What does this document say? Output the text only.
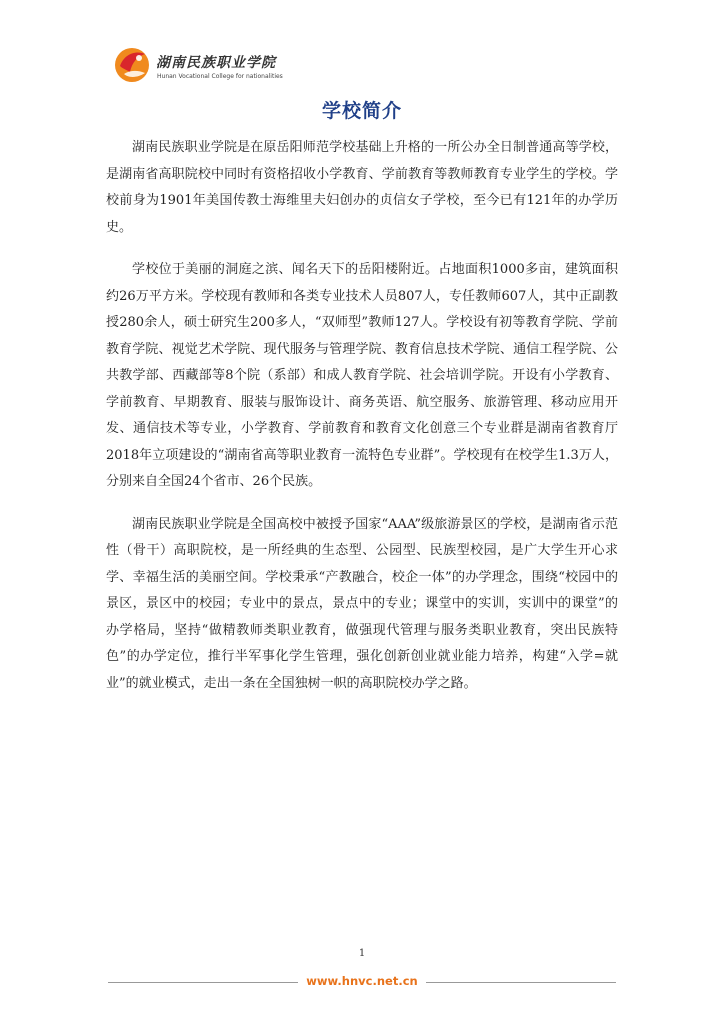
湖南民族职业学院
Hunan Vocational College for nationalities
学校简介

湖南民族职业学院是在原岳阳师范学校基础上升格的一所公办全日制普通高等学校，是湖南省高职院校中同时有资格招收小学教育、学前教育等教师教育专业学生的学校。学校前身为1901年美国传教士海维里夫妇创办的贞信女子学校，至今已有121年的办学历史。

学校位于美丽的洞庭之滨、闻名天下的岳阳楼附近。占地面积1000多亩，建筑面积约26万平方米。学校现有教师和各类专业技术人员807人，专任教师607人，其中正副教授280余人，硕士研究生200多人，“双师型”教师127人。学校设有初等教育学院、学前教育学院、视觉艺术学院、现代服务与管理学院、教育信息技术学院、通信工程学院、公共教学部、西藏部等8个院（系部）和成人教育学院、社会培训学院。开设有小学教育、学前教育、早期教育、服装与服饰设计、商务英语、航空服务、旅游管理、移动应用开发、通信技术等专业，小学教育、学前教育和教育文化创意三个专业群是湖南省教育厅2018年立项建设的“湖南省高等职业教育一流特色专业群”。学校现有在校学生1.3万人，分别来自全国24个省市、26个民族。

湖南民族职业学院是全国高校中被授予国家“AAA”级旅游景区的学校，是湖南省示范性（骨干）高职院校，是一所经典的生态型、公园型、民族型校园，是广大学生开心求学、幸福生活的美丽空间。学校秉承“产教融合，校企一体”的办学理念，围绕“校园中的景区，景区中的校园；专业中的景点，景点中的专业；课堂中的实训，实训中的课堂”的办学格局，坚持“做精教师类职业教育，做强现代管理与服务类职业教育，突出民族特色”的办学定位，推行半军事化学生管理，强化创新创业就业能力培养，构建“入学=就业”的就业模式，走出一条在全国独树一帜的高职院校办学之路。

1
www.hnvc.net.cn
